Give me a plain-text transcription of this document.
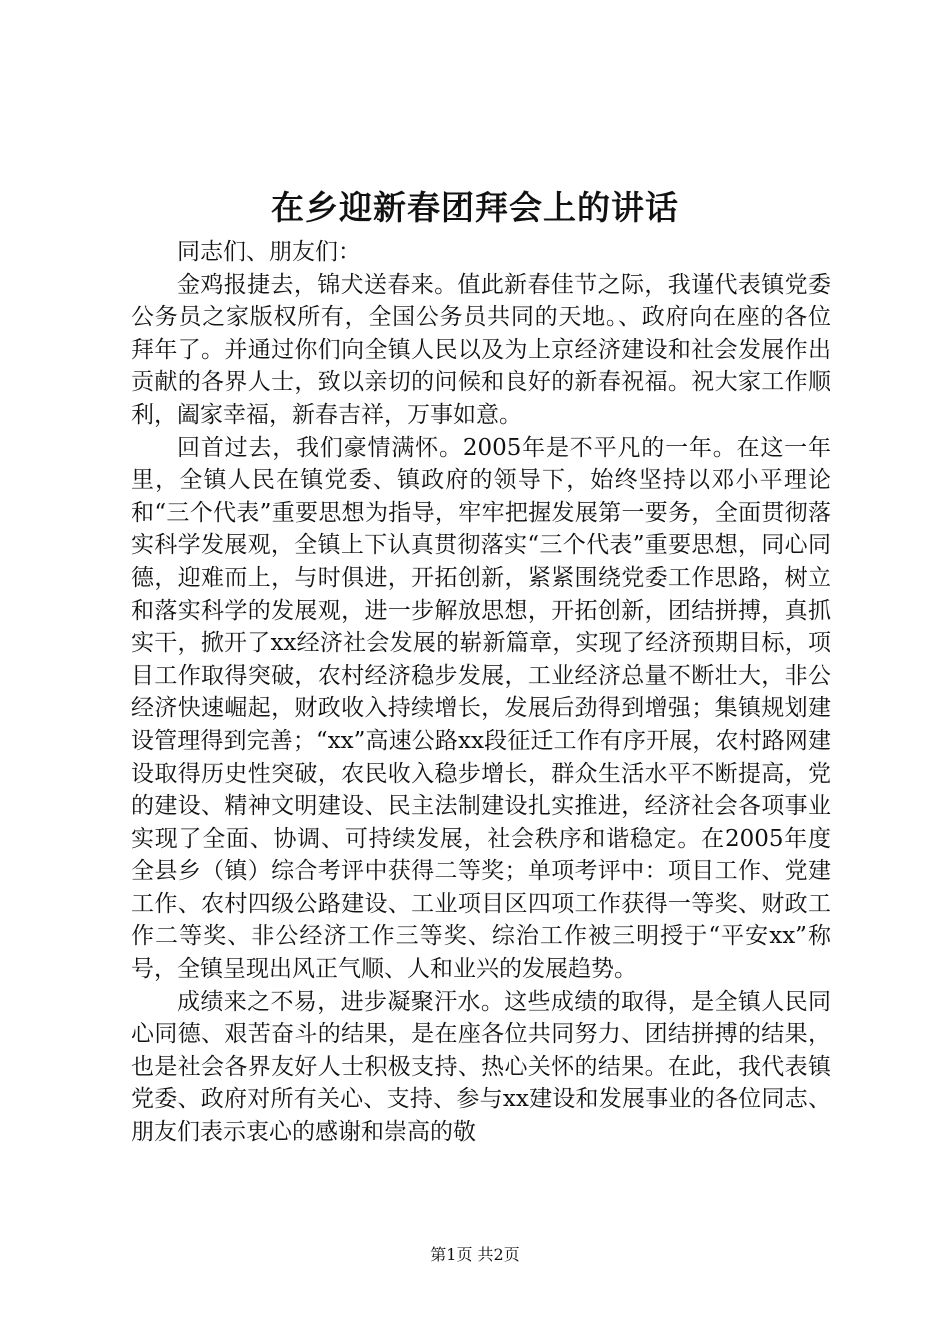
在乡迎新春团拜会上的讲话

同志们、朋友们：

金鸡报捷去，锦犬送春来。值此新春佳节之际，我谨代表镇党委公务员之家版权所有，全国公务员共同的天地。、政府向在座的各位拜年了。并通过你们向全镇人民以及为上京经济建设和社会发展作出贡献的各界人士，致以亲切的问候和良好的新春祝福。祝大家工作顺利，阖家幸福，新春吉祥，万事如意。

回首过去，我们豪情满怀。2005年是不平凡的一年。在这一年里，全镇人民在镇党委、镇政府的领导下，始终坚持以邓小平理论和“三个代表”重要思想为指导，牢牢把握发展第一要务，全面贯彻落实科学发展观，全镇上下认真贯彻落实“三个代表”重要思想，同心同德，迎难而上，与时俱进，开拓创新，紧紧围绕党委工作思路，树立和落实科学的发展观，进一步解放思想，开拓创新，团结拼搏，真抓实干，掀开了xx经济社会发展的崭新篇章，实现了经济预期目标，项目工作取得突破，农村经济稳步发展，工业经济总量不断壮大，非公经济快速崛起，财政收入持续增长，发展后劲得到增强；集镇规划建设管理得到完善；“xx”高速公路xx段征迁工作有序开展，农村路网建设取得历史性突破，农民收入稳步增长，群众生活水平不断提高，党的建设、精神文明建设、民主法制建设扎实推进，经济社会各项事业实现了全面、协调、可持续发展，社会秩序和谐稳定。在2005年度全县乡（镇）综合考评中获得二等奖；单项考评中：项目工作、党建工作、农村四级公路建设、工业项目区四项工作获得一等奖、财政工作二等奖、非公经济工作三等奖、综治工作被三明授于“平安xx”称号，全镇呈现出风正气顺、人和业兴的发展趋势。

成绩来之不易，进步凝聚汗水。这些成绩的取得，是全镇人民同心同德、艰苦奋斗的结果，是在座各位共同努力、团结拼搏的结果，也是社会各界友好人士积极支持、热心关怀的结果。在此，我代表镇党委、政府对所有关心、支持、参与xx建设和发展事业的各位同志、朋友们表示衷心的感谢和崇高的敬

第1页 共2页
